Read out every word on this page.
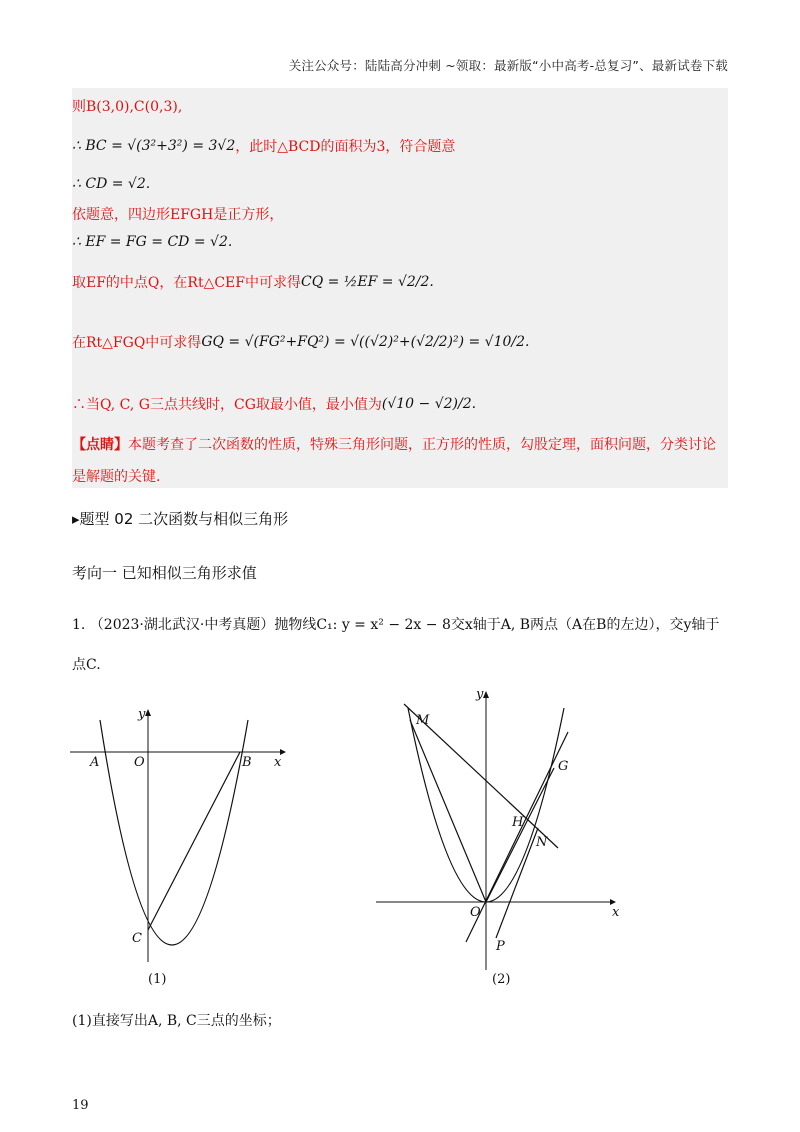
关注公众号：陆陆高分冲刺 ~领取：最新版“小中高考-总复习”、最新试卷下载
则B(3,0),C(0,3),
∴ BC = √(3²+3²) = 3√2 ，此时△BCD的面积为3，符合题意
∴ CD = √2.
依题意，四边形EFGH是正方形，
∴ EF = FG = CD = √2.
取EF的中点Q，在Rt△CEF中可求得 CQ = ½EF = √2/2.
在Rt△FGQ中可求得 GQ = √(FG²+FQ²) = √((√2)²+(√2/2)²) = √10/2.
∴当Q, C, G三点共线时，CG取最小值，最小值为 (√10 − √2)/2.
【点睛】本题考查了二次函数的性质，特殊三角形问题，正方形的性质，勾股定理，面积问题，分类讨论
是解题的关键.
▸题型 02 二次函数与相似三角形
考向一 已知相似三角形求值
1. （2023·湖北武汉·中考真题）抛物线C₁: y = x² − 2x − 8交x轴于A, B两点（A在B的左边），交y轴于
点C.
y
x
O
A	B
C
(1)
y
x
O
M
G
H
N
P
(2)
(1)直接写出A, B, C三点的坐标；
19
